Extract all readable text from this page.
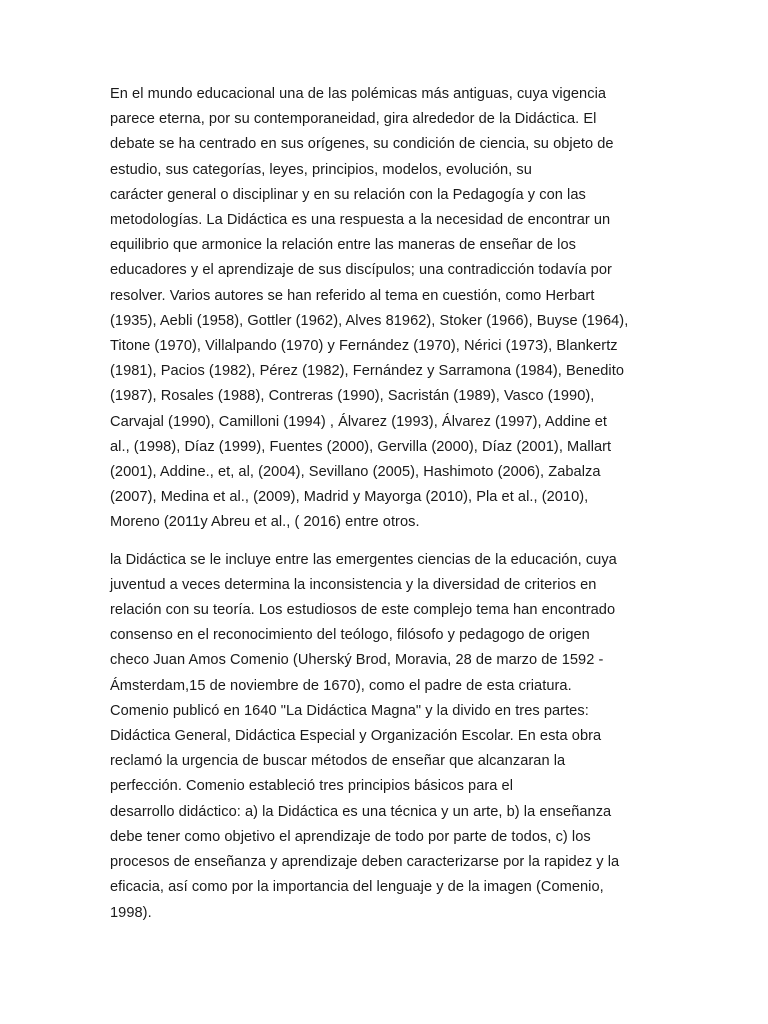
En el mundo educacional una de las polémicas más antiguas, cuya vigencia
parece eterna, por su contemporaneidad, gira alrededor de la Didáctica. El
debate se ha centrado en sus orígenes, su condición de ciencia, su objeto de
estudio, sus categorías, leyes, principios, modelos, evolución, su
carácter general o disciplinar y en su relación con la Pedagogía y con las
metodologías. La Didáctica es una respuesta a la necesidad de encontrar un
equilibrio que armonice la relación entre las maneras de enseñar de los
educadores y el aprendizaje de sus discípulos; una contradicción todavía por
resolver. Varios autores se han referido al tema en cuestión, como Herbart
(1935), Aebli (1958), Gottler (1962), Alves 81962), Stoker (1966), Buyse (1964),
Titone (1970), Villalpando (1970) y Fernández (1970), Nérici (1973), Blankertz
(1981), Pacios (1982), Pérez (1982), Fernández y Sarramona (1984), Benedito
(1987), Rosales (1988), Contreras (1990), Sacristán (1989), Vasco (1990),
Carvajal (1990), Camilloni (1994) , Álvarez (1993), Álvarez (1997), Addine et
al., (1998), Díaz (1999), Fuentes (2000), Gervilla (2000), Díaz (2001), Mallart
(2001), Addine., et, al, (2004), Sevillano (2005), Hashimoto (2006), Zabalza
(2007), Medina et al., (2009), Madrid y Mayorga (2010), Pla et al., (2010),
Moreno (2011y Abreu et al., ( 2016) entre otros.

la Didáctica se le incluye entre las emergentes ciencias de la educación, cuya
juventud a veces determina la inconsistencia y la diversidad de criterios en
relación con su teoría. Los estudiosos de este complejo tema han encontrado
consenso en el reconocimiento del teólogo, filósofo y pedagogo de origen
checo Juan Amos Comenio (Uherský Brod, Moravia, 28 de marzo de 1592 -
Ámsterdam,15 de noviembre de 1670), como el padre de esta criatura.
Comenio publicó en 1640 "La Didáctica Magna" y la divido en tres partes:
Didáctica General, Didáctica Especial y Organización Escolar. En esta obra
reclamó la urgencia de buscar métodos de enseñar que alcanzaran la
perfección. Comenio estableció tres principios básicos para el
desarrollo didáctico: a) la Didáctica es una técnica y un arte, b) la enseñanza
debe tener como objetivo el aprendizaje de todo por parte de todos, c) los
procesos de enseñanza y aprendizaje deben caracterizarse por la rapidez y la
eficacia, así como por la importancia del lenguaje y de la imagen (Comenio,
1998).
